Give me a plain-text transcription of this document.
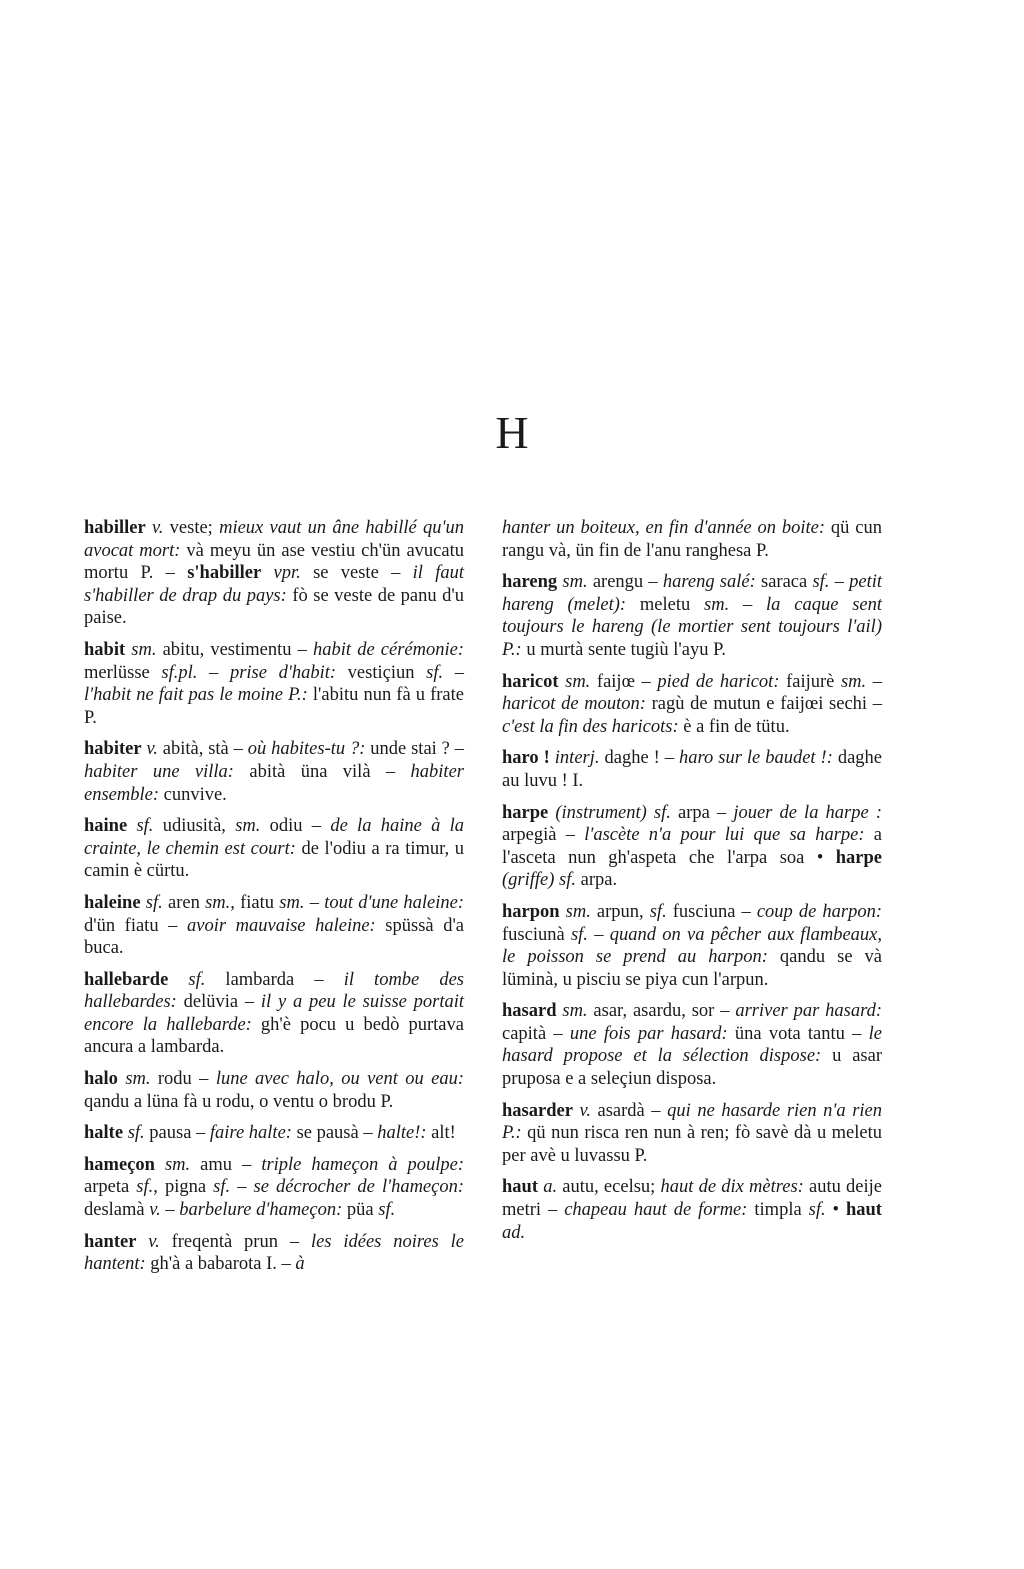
H

habiller v. veste; mieux vaut un âne habillé qu'un avocat mort: và meyu ün ase vestiu ch'ün avucatu mortu P. – s'habiller vpr. se veste – il faut s'habiller de drap du pays: fò se veste de panu d'u paise.

habit sm. abitu, vestimentu – habit de cérémonie: merlüsse sf.pl. – prise d'habit: vestiçiun sf. – l'habit ne fait pas le moine P.: l'abitu nun fà u frate P.

habiter v. abità, stà – où habites-tu ?: unde stai ? – habiter une villa: abità üna vilà – habiter ensemble: cunvive.

haine sf. udiusità, sm. odiu – de la haine à la crainte, le chemin est court: de l'odiu a ra timur, u camin è cürtu.

haleine sf. aren sm., fiatu sm. – tout d'une haleine: d'ün fiatu – avoir mauvaise haleine: spüssà d'a buca.

hallebarde sf. lambarda – il tombe des hallebardes: delüvia – il y a peu le suisse portait encore la hallebarde: gh'è pocu u bedò purtava ancura a lambarda.

halo sm. rodu – lune avec halo, ou vent ou eau: qandu a lüna fà u rodu, o ventu o brodu P.

halte sf. pausa – faire halte: se pausà – halte!: alt!

hameçon sm. amu – triple hameçon à poulpe: arpeta sf., pigna sf. – se décrocher de l'hameçon: deslamà v. – barbelure d'hameçon: püa sf.

hanter v. freqentà prun – les idées noires le hantent: gh'à a babarota I. – à

hanter un boiteux, en fin d'année on boite: qü cun rangu và, ün fin de l'anu ranghesa P.

hareng sm. arengu – hareng salé: saraca sf. – petit hareng (melet): meletu sm. – la caque sent toujours le hareng (le mortier sent toujours l'ail) P.: u murtà sente tugiù l'ayu P.

haricot sm. faijœ – pied de haricot: faijurè sm. – haricot de mouton: ragù de mutun e faijœi sechi – c'est la fin des haricots: è a fin de tütu.

haro ! interj. daghe ! – haro sur le baudet !: daghe au luvu ! I.

harpe (instrument) sf. arpa – jouer de la harpe : arpegià – l'ascète n'a pour lui que sa harpe: a l'asceta nun gh'aspeta che l'arpa soa • harpe (griffe) sf. arpa.

harpon sm. arpun, sf. fusciuna – coup de harpon: fusciunà sf. – quand on va pêcher aux flambeaux, le poisson se prend au harpon: qandu se và lüminà, u pisciu se piya cun l'arpun.

hasard sm. asar, asardu, sor – arriver par hasard: capità – une fois par hasard: üna vota tantu – le hasard propose et la sélection dispose: u asar pruposa e a seleçiun disposa.

hasarder v. asardà – qui ne hasarde rien n'a rien P.: qü nun risca ren nun à ren; fò savè dà u meletu per avè u luvassu P.

haut a. autu, ecelsu; haut de dix mètres: autu deije metri – chapeau haut de forme: timpla sf. • haut ad.
